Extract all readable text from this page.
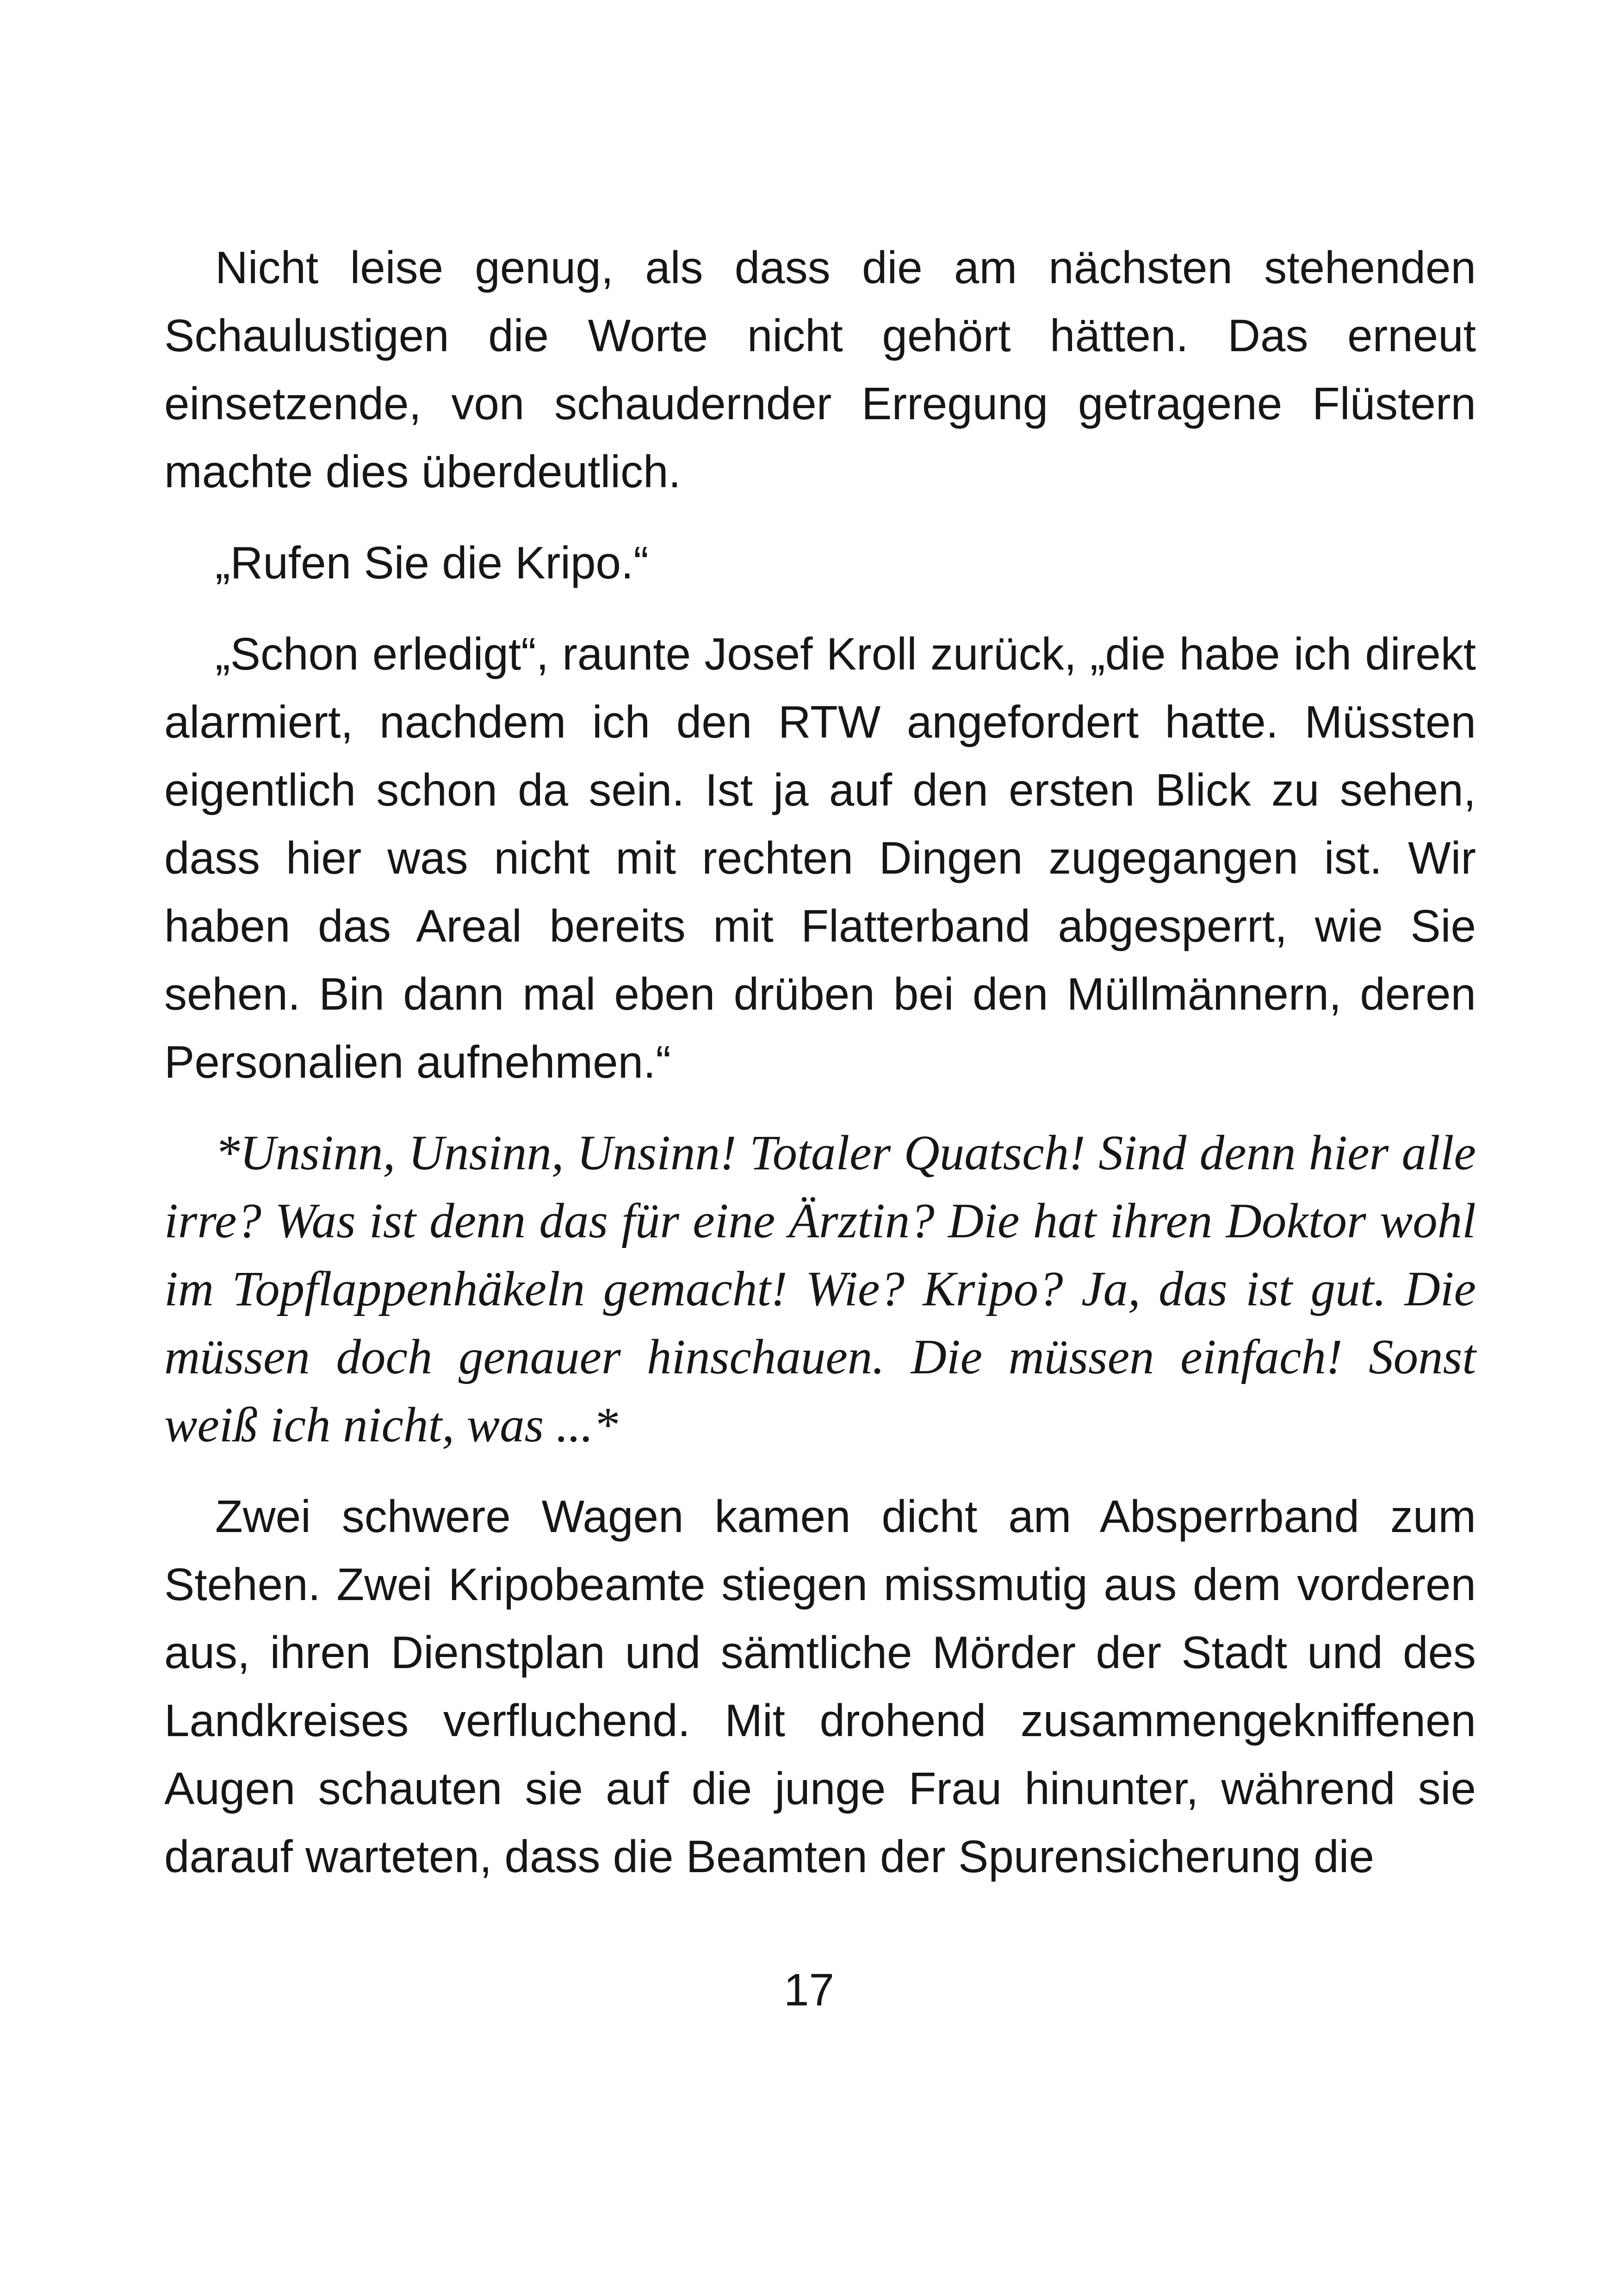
Nicht leise genug, als dass die am nächsten stehenden Schaulustigen die Worte nicht gehört hätten. Das erneut einsetzende, von schaudernder Erregung getragene Flüstern machte dies überdeutlich.

„Rufen Sie die Kripo.“

„Schon erledigt“, raunte Josef Kroll zurück, „die habe ich direkt alarmiert, nachdem ich den RTW angefordert hatte. Müssten eigentlich schon da sein. Ist ja auf den ersten Blick zu sehen, dass hier was nicht mit rechten Dingen zugegangen ist. Wir haben das Areal bereits mit Flatterband abgesperrt, wie Sie sehen. Bin dann mal eben drüben bei den Müllmännern, deren Personalien aufnehmen.“

*Unsinn, Unsinn, Unsinn! Totaler Quatsch! Sind denn hier alle irre? Was ist denn das für eine Ärztin? Die hat ihren Doktor wohl im Topflappenhäkeln gemacht! Wie? Kripo? Ja, das ist gut. Die müssen doch genauer hinschauen. Die müssen einfach! Sonst weiß ich nicht, was ...*

Zwei schwere Wagen kamen dicht am Absperrband zum Stehen. Zwei Kripobeamte stiegen missmutig aus dem vorderen aus, ihren Dienstplan und sämtliche Mörder der Stadt und des Landkreises verfluchend. Mit drohend zusammengekniffenen Augen schauten sie auf die junge Frau hinunter, während sie darauf warteten, dass die Beamten der Spurensicherung die

17
